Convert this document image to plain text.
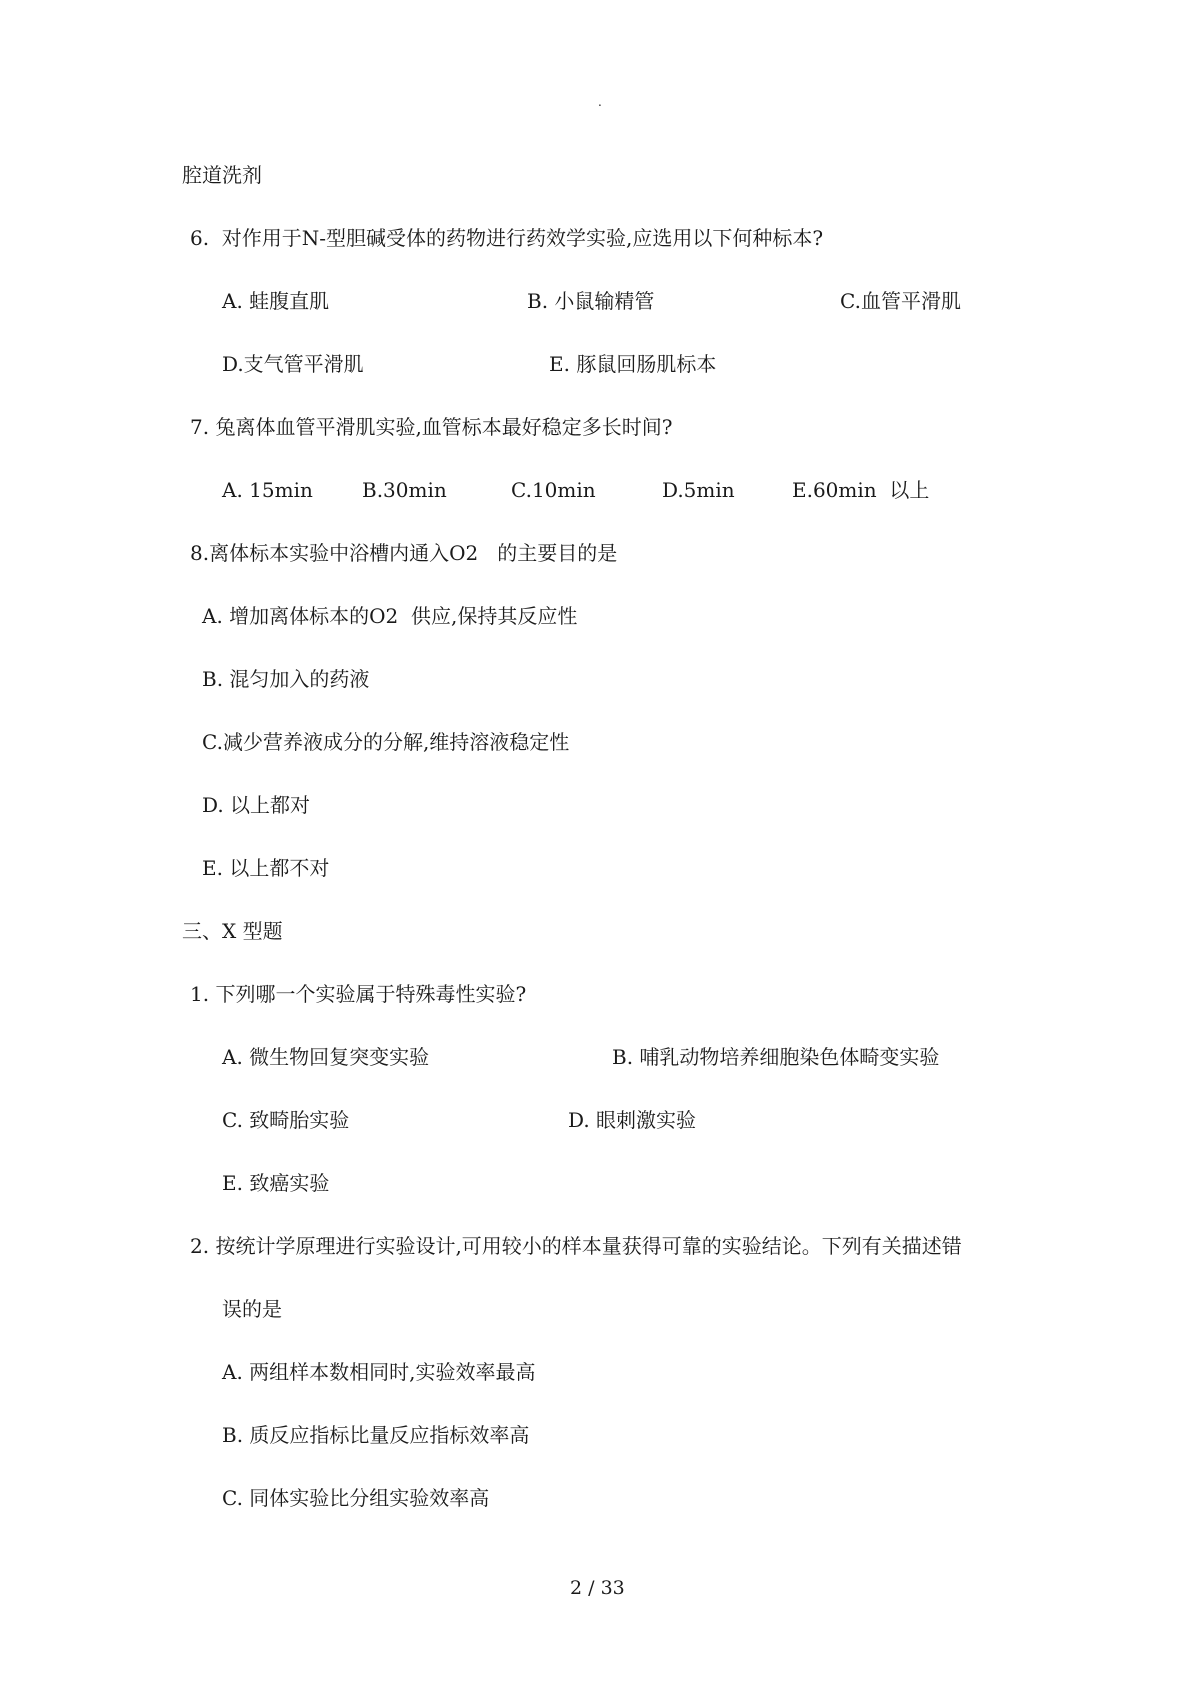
.
腔道洗剂
6.  对作用于N-型胆碱受体的药物进行药效学实验,应选用以下何种标本?
A. 蛙腹直肌	B. 小鼠输精管	C.血管平滑肌
D.支气管平滑肌	E. 豚鼠回肠肌标本
7. 兔离体血管平滑肌实验,血管标本最好稳定多长时间?
A. 15min B.30min	C.10min	D.5min	E.60min  以上
8.离体标本实验中浴槽内通入O2   的主要目的是
A. 增加离体标本的O2  供应,保持其反应性
B. 混匀加入的药液
C.减少营养液成分的分解,维持溶液稳定性
D. 以上都对
E. 以上都不对
三、X 型题
1. 下列哪一个实验属于特殊毒性实验?
A. 微生物回复突变实验	B. 哺乳动物培养细胞染色体畸变实验
C. 致畸胎实验	D. 眼刺激实验
E. 致癌实验
2. 按统计学原理进行实验设计,可用较小的样本量获得可靠的实验结论。下列有关描述错
误的是
A. 两组样本数相同时,实验效率最高
B. 质反应指标比量反应指标效率高
C. 同体实验比分组实验效率高
2 / 33
